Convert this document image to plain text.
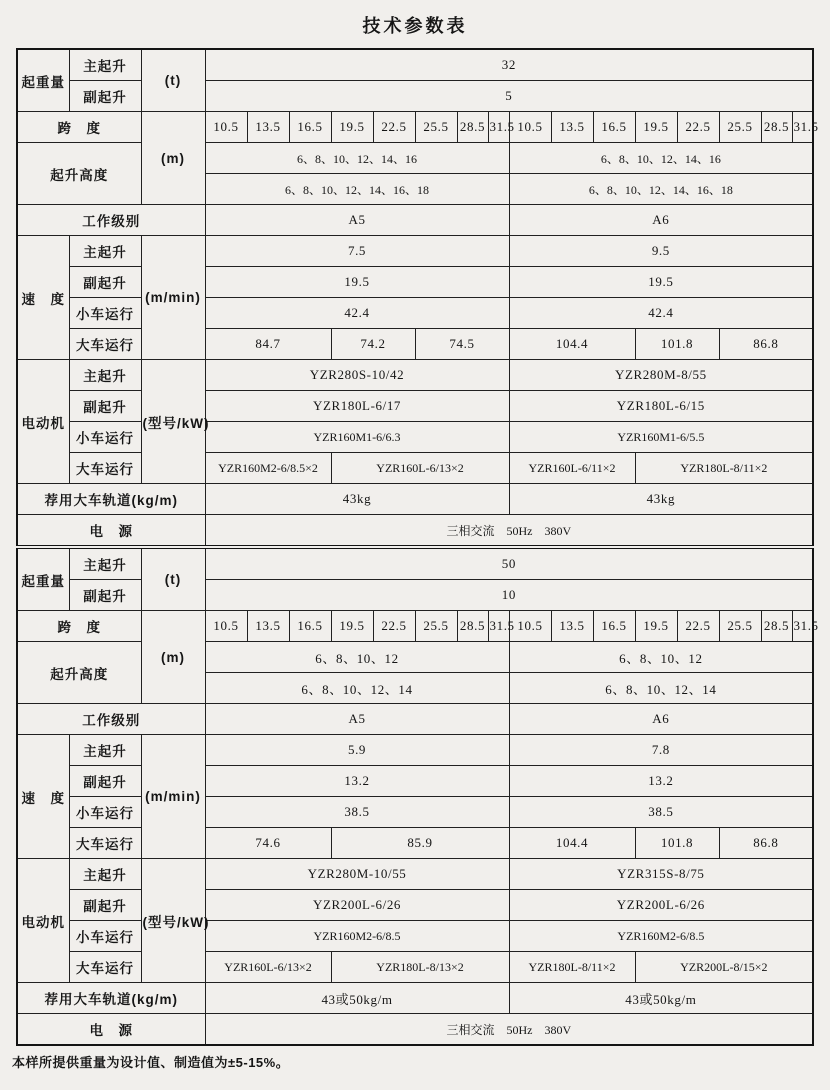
技术参数表
起重量	主起升	(t)	32															
	副起升		5															
跨　度		(m)	10.5	13.5	16.5	19.5	22.5	25.5	28.5	31.5	10.5	13.5	16.5	19.5	22.5	25.5	28.5	31.5
起升高度			6、8、10、12、14、16								6、8、10、12、14、16							
			6、8、10、12、14、16、18								6、8、10、12、14、16、18							
工作级别			A5								A6							
速　度	主起升	(m/min)	7.5								9.5							
	副起升		19.5								19.5							
	小车运行		42.4								42.4							
	大车运行		84.7			74.2		74.5			104.4			101.8		86.8		
电动机	主起升	(型号/kW)	YZR280S-10/42								YZR280M-8/55							
	副起升		YZR180L-6/17								YZR180L-6/15							
	小车运行		YZR160M1-6/6.3								YZR160M1-6/5.5							
	大车运行		YZR160M2-6/8.5×2			YZR160L-6/13×2					YZR160L-6/11×2			YZR180L-8/11×2				
荐用大车轨道(kg/m)			43kg								43kg							
电　源			三相交流　50Hz　380V															
起重量	主起升	(t)	50															
	副起升		10															
跨　度		(m)	10.5	13.5	16.5	19.5	22.5	25.5	28.5	31.5	10.5	13.5	16.5	19.5	22.5	25.5	28.5	31.5
起升高度			6、8、10、12								6、8、10、12							
			6、8、10、12、14								6、8、10、12、14							
工作级别			A5								A6							
速　度	主起升	(m/min)	5.9								7.8							
	副起升		13.2								13.2							
	小车运行		38.5								38.5							
	大车运行		74.6			85.9					104.4			101.8		86.8		
电动机	主起升	(型号/kW)	YZR280M-10/55								YZR315S-8/75							
	副起升		YZR200L-6/26								YZR200L-6/26							
	小车运行		YZR160M2-6/8.5								YZR160M2-6/8.5							
	大车运行		YZR160L-6/13×2			YZR180L-8/13×2					YZR180L-8/11×2			YZR200L-8/15×2				
荐用大车轨道(kg/m)			43或50kg/m								43或50kg/m							
电　源			三相交流　50Hz　380V															
本样所提供重量为设计值、制造值为±5-15%。
